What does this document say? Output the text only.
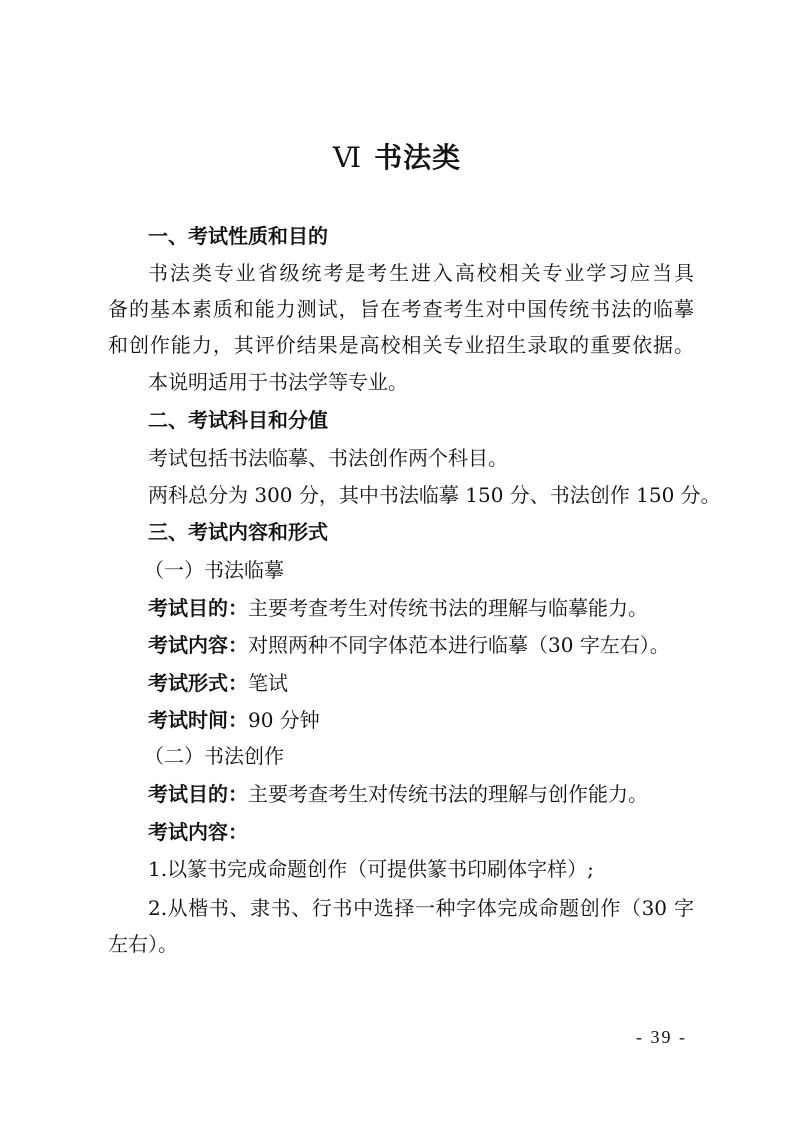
Ⅵ 书法类
一、考试性质和目的
书法类专业省级统考是考生进入高校相关专业学习应当具
备的基本素质和能力测试，旨在考查考生对中国传统书法的临摹
和创作能力，其评价结果是高校相关专业招生录取的重要依据。
本说明适用于书法学等专业。
二、考试科目和分值
考试包括书法临摹、书法创作两个科目。
两科总分为 300 分，其中书法临摹 150 分、书法创作 150 分。
三、考试内容和形式
（一）书法临摹
考试目的：主要考查考生对传统书法的理解与临摹能力。
考试内容：对照两种不同字体范本进行临摹（30 字左右）。
考试形式：笔试
考试时间：90 分钟
（二）书法创作
考试目的：主要考查考生对传统书法的理解与创作能力。
考试内容：
1.以篆书完成命题创作（可提供篆书印刷体字样）;
2.从楷书、隶书、行书中选择一种字体完成命题创作（30 字
左右）。
- 39 -
